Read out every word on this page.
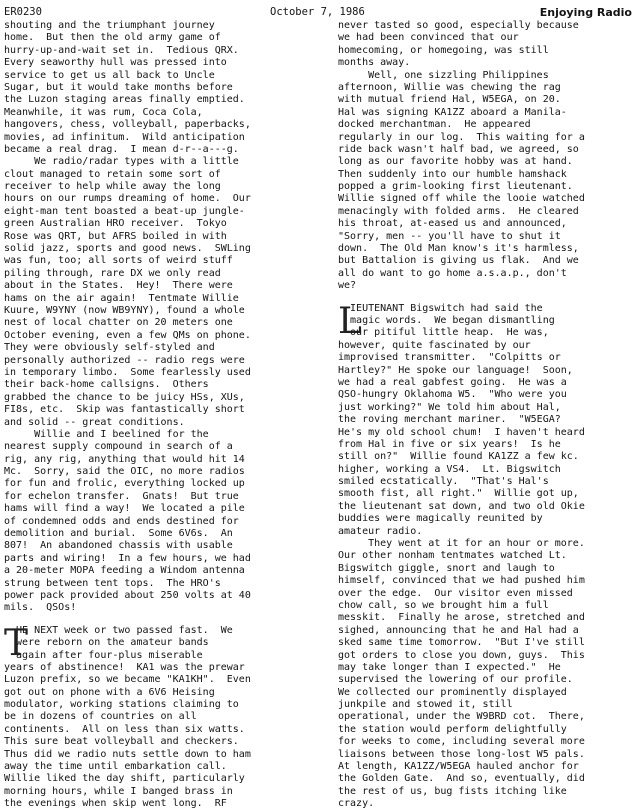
ER0230	October 7, 1986	Enjoying Radio
shouting and the triumphant journey
home.  But then the old army game of
hurry-up-and-wait set in.  Tedious QRX.
Every seaworthy hull was pressed into
service to get us all back to Uncle
Sugar, but it would take months before
the Luzon staging areas finally emptied.
Meanwhile, it was rum, Coca Cola,
hangovers, chess, volleyball, paperbacks,
movies, ad infinitum.  Wild anticipation
became a real drag.  I mean d-r--a---g.
We radio/radar types with a little
clout managed to retain some sort of
receiver to help while away the long
hours on our rumps dreaming of home.  Our
eight-man tent boasted a beat-up jungle-
green Australian HRO receiver.  Tokyo
Rose was QRT, but AFRS boiled in with
solid jazz, sports and good news.  SWLing
was fun, too; all sorts of weird stuff
piling through, rare DX we only read
about in the States.  Hey!  There were
hams on the air again!  Tentmate Willie
Kuure, W9YNY (now WB9YNY), found a whole
nest of local chatter on 20 meters one
October evening, even a few QMs on phone.
They were obviously self-styled and
personally authorized -- radio regs were
in temporary limbo.  Some fearlessly used
their back-home callsigns.  Others
grabbed the chance to be juicy HSs, XUs,
FI8s, etc.  Skip was fantastically short
and solid -- great conditions.
Willie and I beelined for the
nearest supply compound in search of a
rig, any rig, anything that would hit 14
Mc.  Sorry, said the OIC, no more radios
for fun and frolic, everything locked up
for echelon transfer.  Gnats!  But true
hams will find a way!  We located a pile
of condemned odds and ends destined for
demolition and burial.  Some 6V6s.  An
807!  An abandoned chassis with usable
parts and wiring!  In a few hours, we had
a 20-meter MOPA feeding a Windom antenna
strung between tent tops.  The HRO's
power pack provided about 250 volts at 40
mils.  QSOs!
T
HE NEXT week or two passed fast.  We
were reborn on the amateur bands
again after four-plus miserable
years of abstinence!  KA1 was the prewar
Luzon prefix, so we became "KA1KH".  Even
got out on phone with a 6V6 Heising
modulator, working stations claiming to
be in dozens of countries on all
continents.  All on less than six watts.
This sure beat volleyball and checkers.
Thus did we radio nuts settle down to ham
away the time until embarkation call.
Willie liked the day shift, particularly
morning hours, while I banged brass in
the evenings when skip went long.  RF
never tasted so good, especially because
we had been convinced that our
homecoming, or homegoing, was still
months away.
Well, one sizzling Philippines
afternoon, Willie was chewing the rag
with mutual friend Hal, W5EGA, on 20.
Hal was signing KA1ZZ aboard a Manila-
docked merchantman.  He appeared
regularly in our log.  This waiting for a
ride back wasn't half bad, we agreed, so
long as our favorite hobby was at hand.
Then suddenly into our humble hamshack
popped a grim-looking first lieutenant.
Willie signed off while the looie watched
menacingly with folded arms.  He cleared
his throat, at-eased us and announced,
"Sorry, men -- you'll have to shut it
down.  The Old Man know's it's harmless,
but Battalion is giving us flak.  And we
all do want to go home a.s.a.p., don't
we?
L
IEUTENANT Bigswitch had said the
magic words.  We began dismantling
our pitiful little heap.  He was,
however, quite fascinated by our
improvised transmitter.  "Colpitts or
Hartley?" He spoke our language!  Soon,
we had a real gabfest going.  He was a
QSO-hungry Oklahoma W5.  "Who were you
just working?" We told him about Hal,
the roving merchant mariner.  "W5EGA?
He's my old school chum!  I haven't heard
from Hal in five or six years!  Is he
still on?"  Willie found KA1ZZ a few kc.
higher, working a VS4.  Lt. Bigswitch
smiled ecstatically.  "That's Hal's
smooth fist, all right."  Willie got up,
the lieutenant sat down, and two old Okie
buddies were magically reunited by
amateur radio.
They went at it for an hour or more.
Our other nonham tentmates watched Lt.
Bigswitch giggle, snort and laugh to
himself, convinced that we had pushed him
over the edge.  Our visitor even missed
chow call, so we brought him a full
messkit.  Finally he arose, stretched and
sighed, announcing that he and Hal had a
sked same time tomorrow.  "But I've still
got orders to close you down, guys.  This
may take longer than I expected."  He
supervised the lowering of our profile.
We collected our prominently displayed
junkpile and stowed it, still
operational, under the W9BRD cot.  There,
the station would perform delightfully
for weeks to come, including several more
liaisons between those long-lost W5 pals.
At length, KA1ZZ/W5EGA hauled anchor for
the Golden Gate.  And so, eventually, did
the rest of us, bug fists itching like
crazy.
